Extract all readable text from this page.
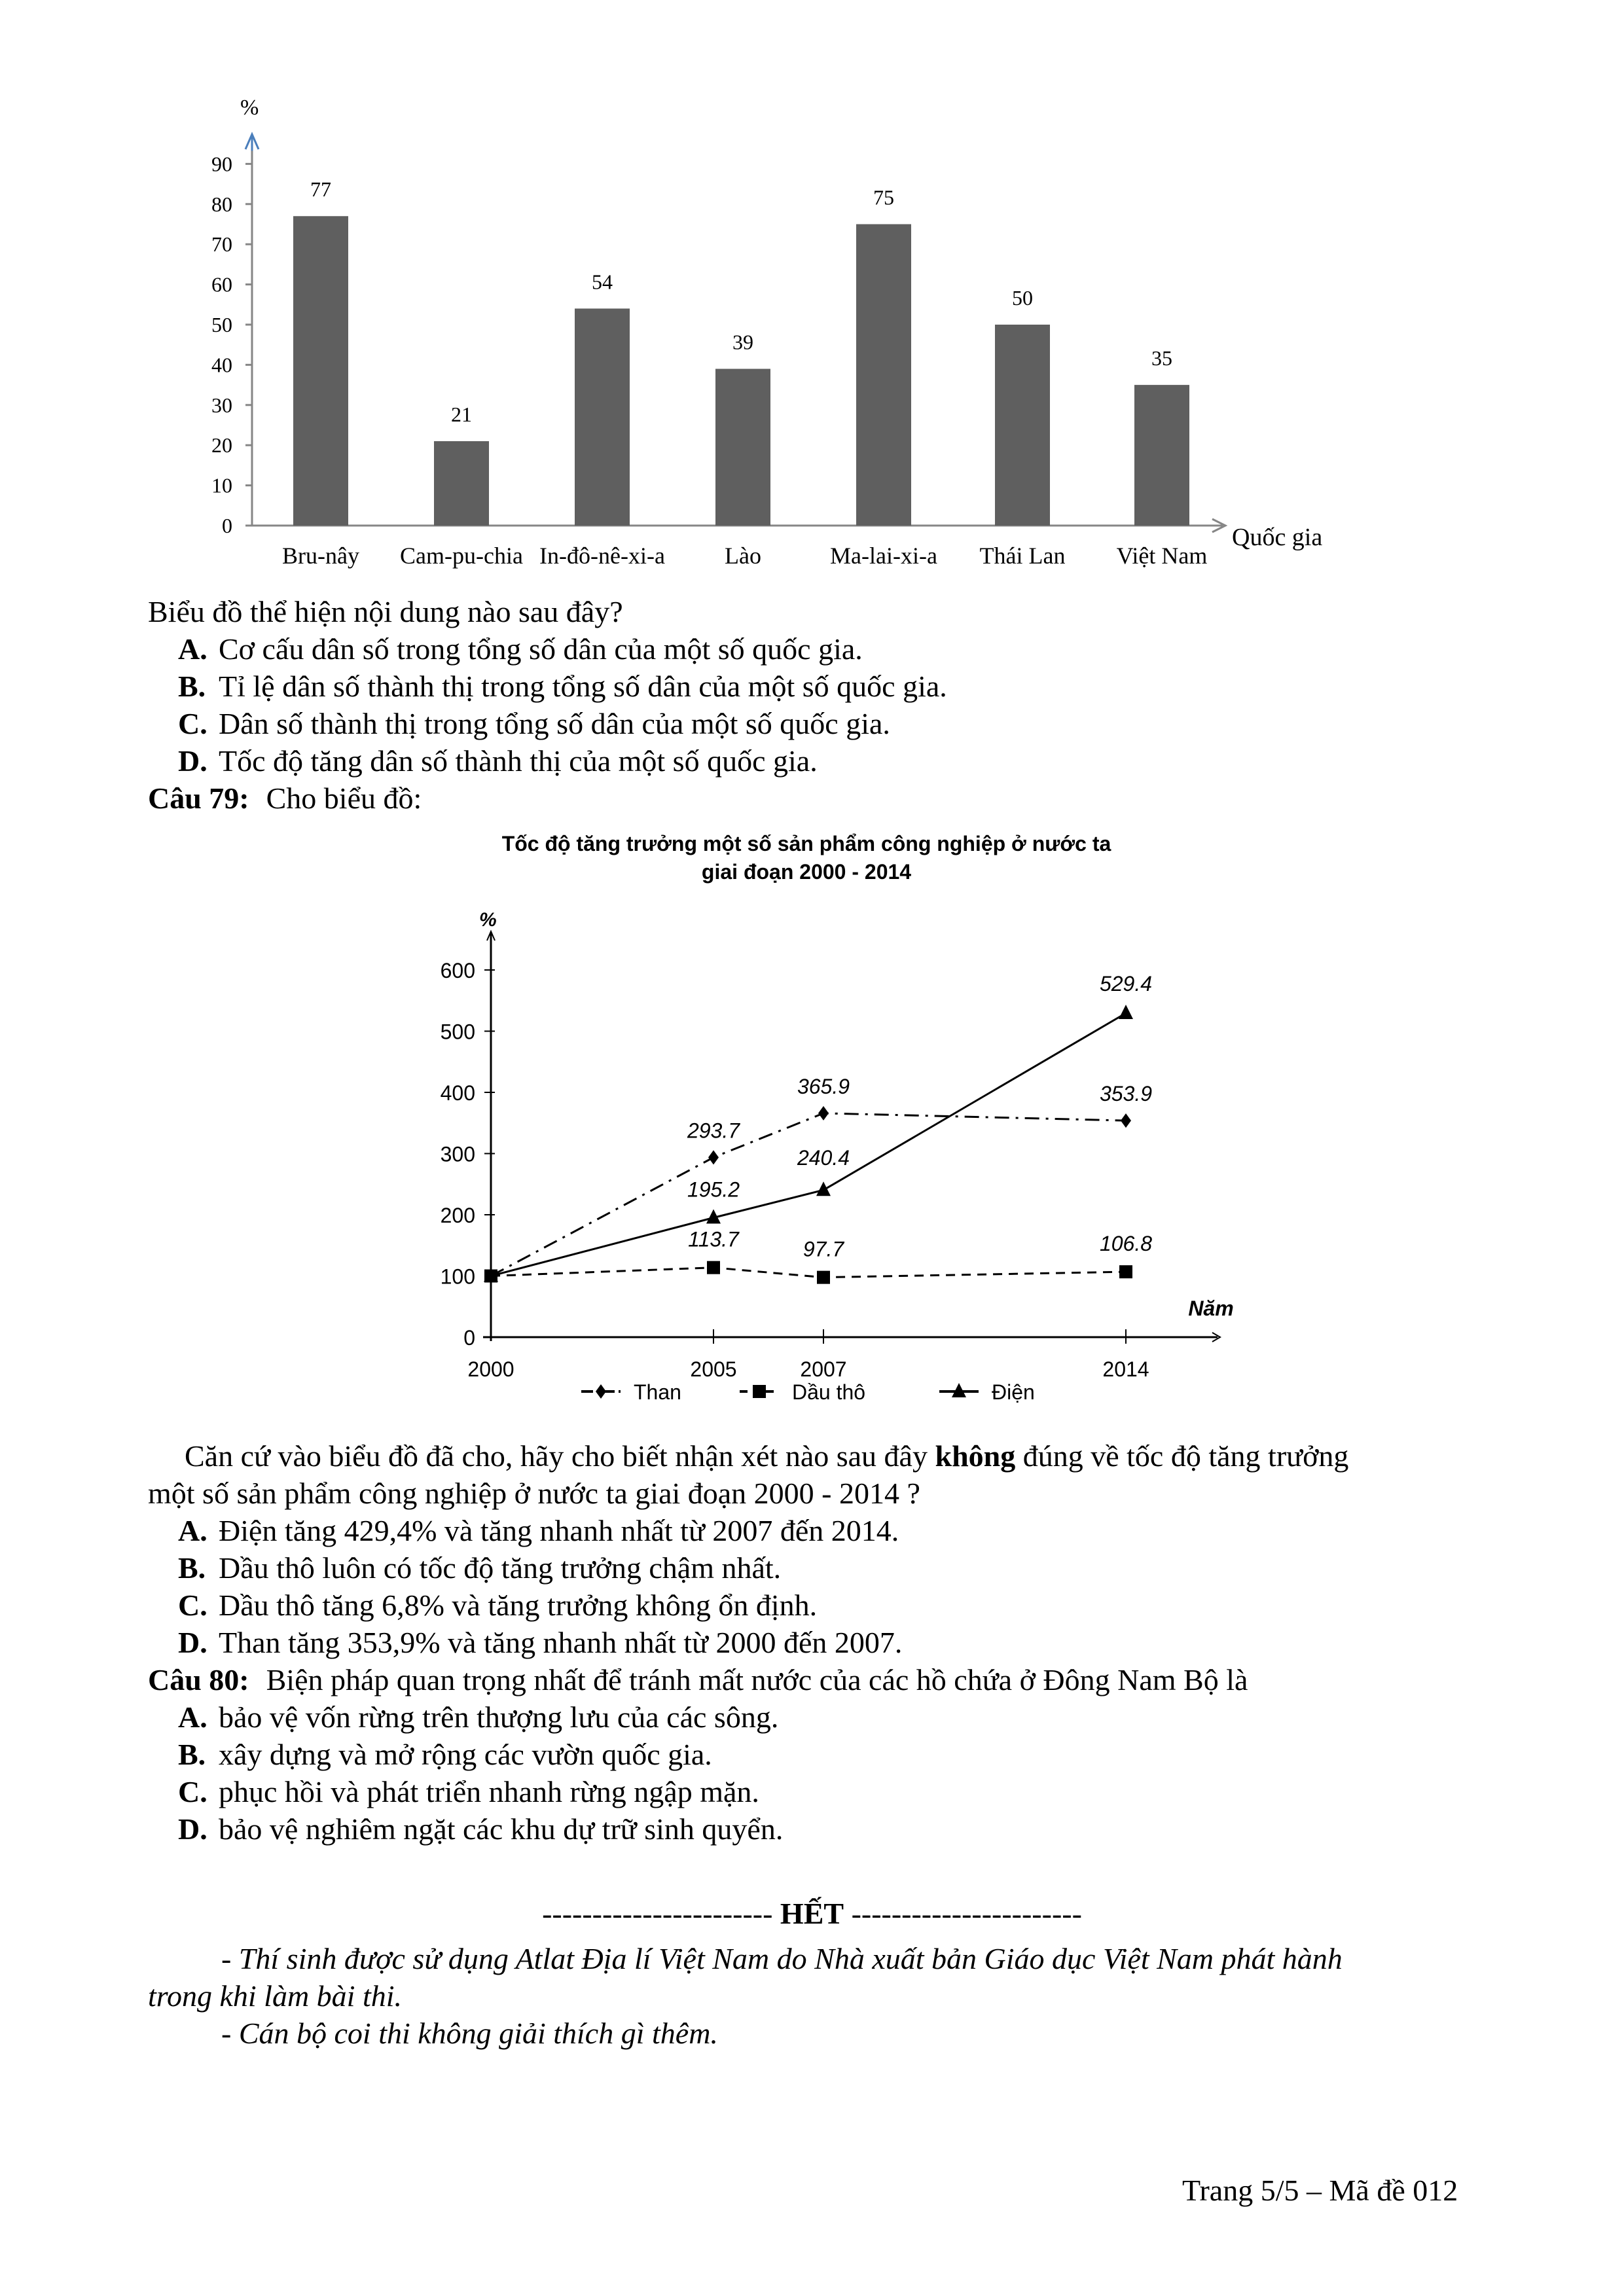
%
0
10
20
30
40
50
60
70
80
90
Quốc gia
77
Bru-nây
21
Cam-pu-chia
54
In-đô-nê-xi-a
39
Lào
75
Ma-lai-xi-a
50
Thái Lan
35
Việt Nam
Biểu đồ thể hiện nội dung nào sau đây?
A. Cơ cấu dân số trong tổng số dân của một số quốc gia.
B. Tỉ lệ dân số thành thị trong tổng số dân của một số quốc gia.
C. Dân số thành thị trong tổng số dân của một số quốc gia.
D. Tốc độ tăng dân số thành thị của một số quốc gia.
Câu 79: Cho biểu đồ:
Tốc độ tăng trưởng một số sản phẩm công nghiệp ở nước ta
giai đoạn 2000 - 2014
%
Năm
0
100
200
300
400
500
600
2000	2005	2007	2014
293.7
365.9	353.9
113.7	97.7	106.8
195.2
240.4
529.4
Than	Dầu thô	Điện
Căn cứ vào biểu đồ đã cho, hãy cho biết nhận xét nào sau đây không đúng về tốc độ tăng trưởng
một số sản phẩm công nghiệp ở nước ta giai đoạn 2000 - 2014 ?
A. Điện tăng 429,4% và tăng nhanh nhất từ 2007 đến 2014.
B. Dầu thô luôn có tốc độ tăng trưởng chậm nhất.
C. Dầu thô tăng 6,8% và tăng trưởng không ổn định.
D. Than tăng 353,9% và tăng nhanh nhất từ 2000 đến 2007.
Câu 80: Biện pháp quan trọng nhất để tránh mất nước của các hồ chứa ở Đông Nam Bộ là
A. bảo vệ vốn rừng trên thượng lưu của các sông.
B. xây dựng và mở rộng các vườn quốc gia.
C. phục hồi và phát triển nhanh rừng ngập mặn.
D. bảo vệ nghiêm ngặt các khu dự trữ sinh quyển.
----------------------- HẾT -----------------------
- Thí sinh được sử dụng Atlat Địa lí Việt Nam do Nhà xuất bản Giáo dục Việt Nam phát hành
trong khi làm bài thi.
- Cán bộ coi thi không giải thích gì thêm.
Trang 5/5 – Mã đề 012
